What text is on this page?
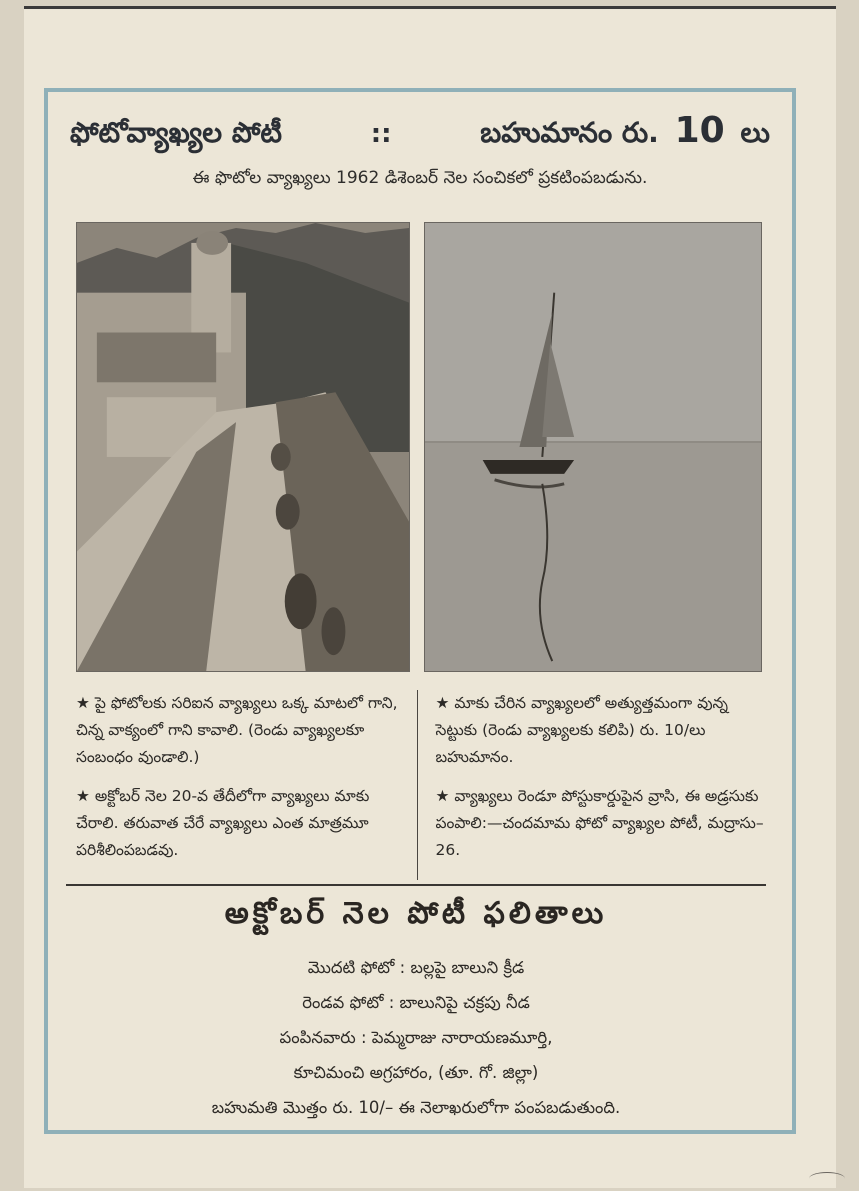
ఫోటోవ్యాఖ్యల పోటీ	::	బహుమానం రు. 10 లు
ఈ ఫొటోల వ్యాఖ్యలు 1962 డిశెంబర్ నెల సంచికలో ప్రకటింపబడును.

★ పై ఫోటోలకు సరిఐన వ్యాఖ్యలు ఒక్క మాటలో గాని, చిన్న వాక్యంలో గాని కావాలి. (రెండు వ్యాఖ్యలకూ సంబంధం వుండాలి.)

★ అక్టోబర్ నెల 20-వ తేదీలోగా వ్యాఖ్యలు మాకు చేరాలి. తరువాత చేరే వ్యాఖ్యలు ఎంత మాత్రమూ పరిశీలింపబడవు.

★ మాకు చేరిన వ్యాఖ్యలలో అత్యుత్తమంగా వున్న సెట్టుకు (రెండు వ్యాఖ్యలకు కలిపి) రు. 10/లు బహుమానం.

★ వ్యాఖ్యలు రెండూ పోస్టుకార్డుపైన వ్రాసి, ఈ అడ్రసుకు పంపాలి:—చందమామ ఫోటో వ్యాఖ్యల పోటీ, మద్రాసు–26.

అక్టోబర్ నెల పోటీ ఫలితాలు
మొదటి ఫోటో : బల్లపై బాలుని క్రీడ
రెండవ ఫోటో : బాలునిపై చక్రపు నీడ
పంపినవారు : పెమ్మరాజు నారాయణమూర్తి,
కూచిమంచి అగ్రహారం, (తూ. గో. జిల్లా)
బహుమతి మొత్తం రు. 10/– ఈ నెలాఖరులోగా పంపబడుతుంది.
